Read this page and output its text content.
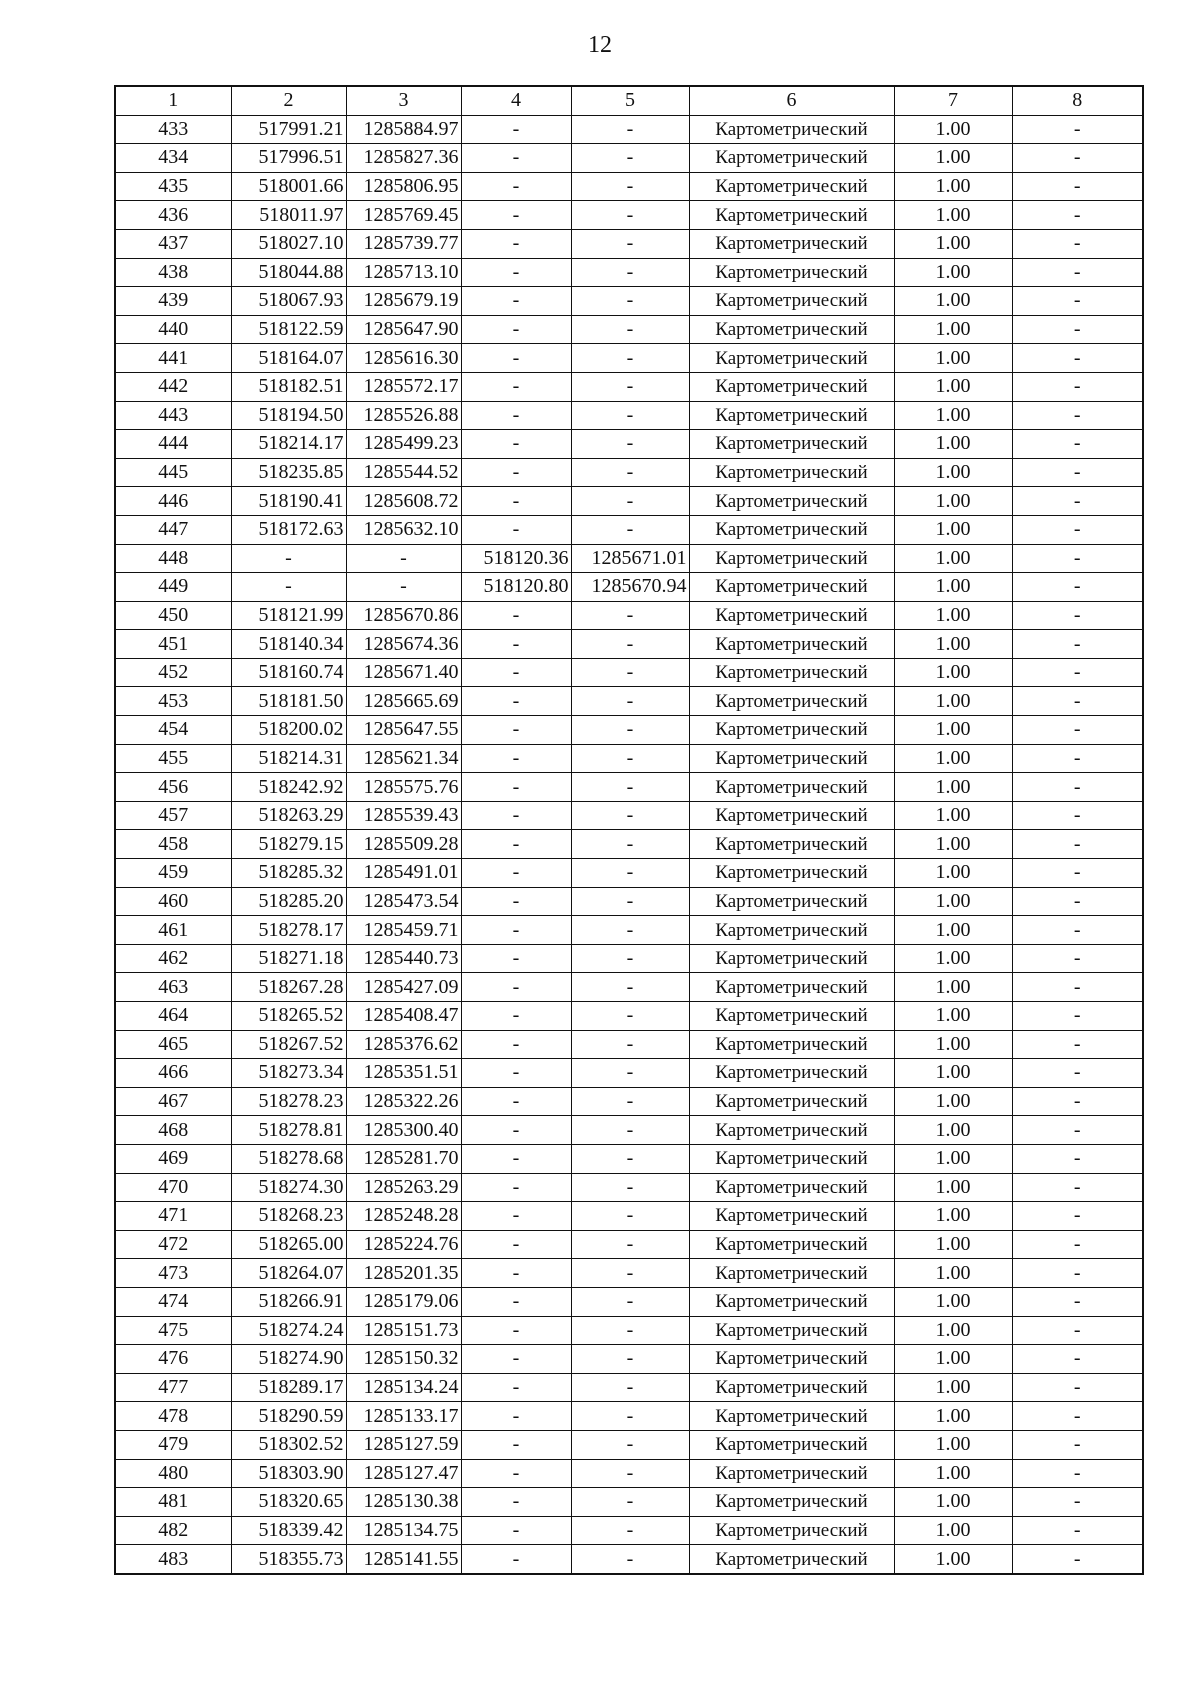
12
1	2	3	4	5	6	7	8
433	517991.21	1285884.97	-	-	Картометрический	1.00	-
434	517996.51	1285827.36	-	-	Картометрический	1.00	-
435	518001.66	1285806.95	-	-	Картометрический	1.00	-
436	518011.97	1285769.45	-	-	Картометрический	1.00	-
437	518027.10	1285739.77	-	-	Картометрический	1.00	-
438	518044.88	1285713.10	-	-	Картометрический	1.00	-
439	518067.93	1285679.19	-	-	Картометрический	1.00	-
440	518122.59	1285647.90	-	-	Картометрический	1.00	-
441	518164.07	1285616.30	-	-	Картометрический	1.00	-
442	518182.51	1285572.17	-	-	Картометрический	1.00	-
443	518194.50	1285526.88	-	-	Картометрический	1.00	-
444	518214.17	1285499.23	-	-	Картометрический	1.00	-
445	518235.85	1285544.52	-	-	Картометрический	1.00	-
446	518190.41	1285608.72	-	-	Картометрический	1.00	-
447	518172.63	1285632.10	-	-	Картометрический	1.00	-
448	-	-	518120.36	1285671.01	Картометрический	1.00	-
449	-	-	518120.80	1285670.94	Картометрический	1.00	-
450	518121.99	1285670.86	-	-	Картометрический	1.00	-
451	518140.34	1285674.36	-	-	Картометрический	1.00	-
452	518160.74	1285671.40	-	-	Картометрический	1.00	-
453	518181.50	1285665.69	-	-	Картометрический	1.00	-
454	518200.02	1285647.55	-	-	Картометрический	1.00	-
455	518214.31	1285621.34	-	-	Картометрический	1.00	-
456	518242.92	1285575.76	-	-	Картометрический	1.00	-
457	518263.29	1285539.43	-	-	Картометрический	1.00	-
458	518279.15	1285509.28	-	-	Картометрический	1.00	-
459	518285.32	1285491.01	-	-	Картометрический	1.00	-
460	518285.20	1285473.54	-	-	Картометрический	1.00	-
461	518278.17	1285459.71	-	-	Картометрический	1.00	-
462	518271.18	1285440.73	-	-	Картометрический	1.00	-
463	518267.28	1285427.09	-	-	Картометрический	1.00	-
464	518265.52	1285408.47	-	-	Картометрический	1.00	-
465	518267.52	1285376.62	-	-	Картометрический	1.00	-
466	518273.34	1285351.51	-	-	Картометрический	1.00	-
467	518278.23	1285322.26	-	-	Картометрический	1.00	-
468	518278.81	1285300.40	-	-	Картометрический	1.00	-
469	518278.68	1285281.70	-	-	Картометрический	1.00	-
470	518274.30	1285263.29	-	-	Картометрический	1.00	-
471	518268.23	1285248.28	-	-	Картометрический	1.00	-
472	518265.00	1285224.76	-	-	Картометрический	1.00	-
473	518264.07	1285201.35	-	-	Картометрический	1.00	-
474	518266.91	1285179.06	-	-	Картометрический	1.00	-
475	518274.24	1285151.73	-	-	Картометрический	1.00	-
476	518274.90	1285150.32	-	-	Картометрический	1.00	-
477	518289.17	1285134.24	-	-	Картометрический	1.00	-
478	518290.59	1285133.17	-	-	Картометрический	1.00	-
479	518302.52	1285127.59	-	-	Картометрический	1.00	-
480	518303.90	1285127.47	-	-	Картометрический	1.00	-
481	518320.65	1285130.38	-	-	Картометрический	1.00	-
482	518339.42	1285134.75	-	-	Картометрический	1.00	-
483	518355.73	1285141.55	-	-	Картометрический	1.00	-
